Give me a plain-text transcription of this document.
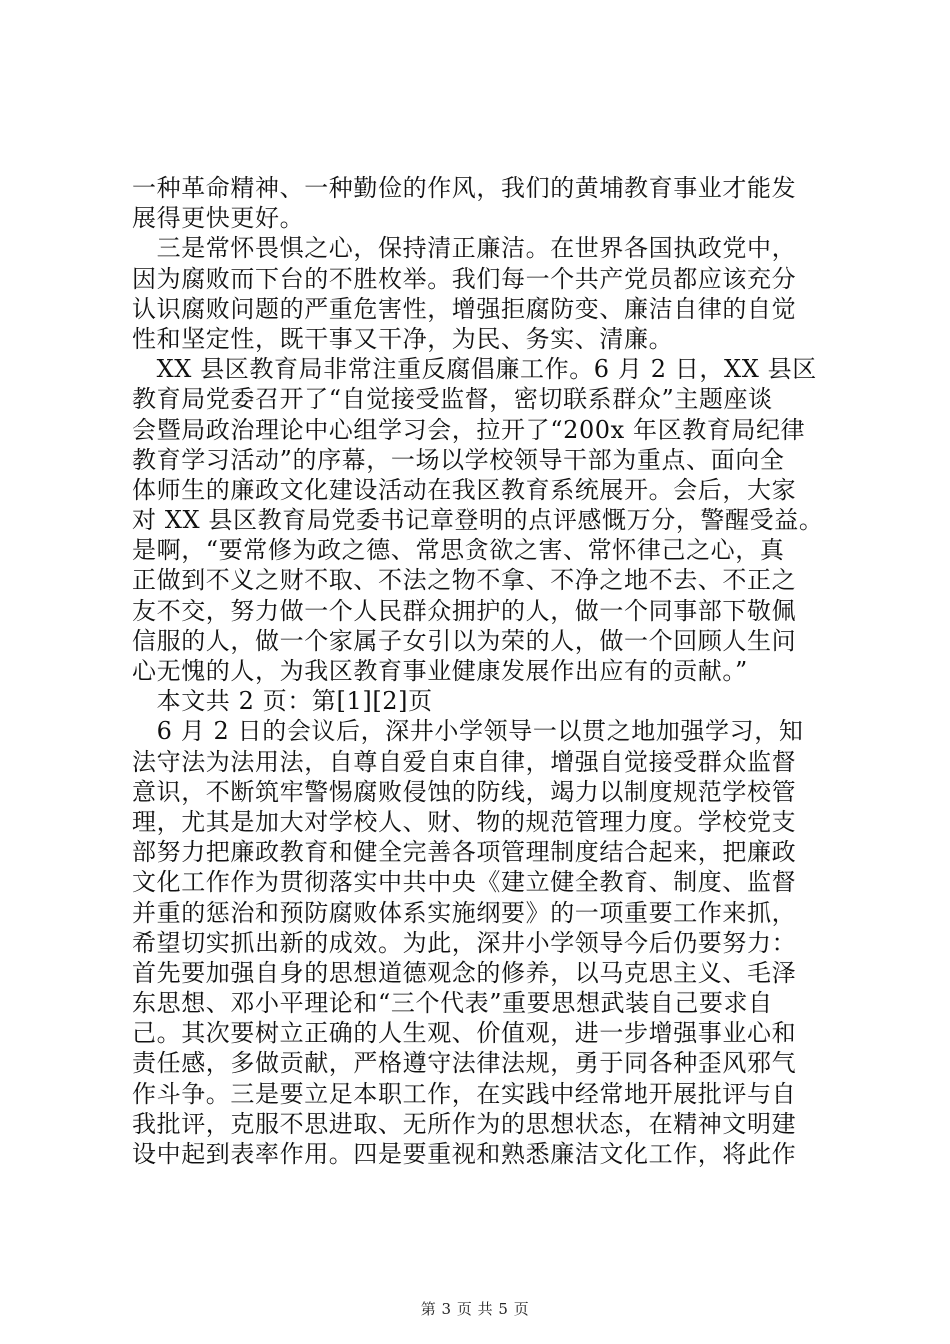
一种革命精神、一种勤俭的作风，我们的黄埔教育事业才能发
展得更快更好。
　三是常怀畏惧之心，保持清正廉洁。在世界各国执政党中，
因为腐败而下台的不胜枚举。我们每一个共产党员都应该充分
认识腐败问题的严重危害性，增强拒腐防变、廉洁自律的自觉
性和坚定性，既干事又干净，为民、务实、清廉。
　XX 县区教育局非常注重反腐倡廉工作。6 月 2 日，XX 县区
教育局党委召开了“自觉接受监督，密切联系群众”主题座谈
会暨局政治理论中心组学习会，拉开了“200x 年区教育局纪律
教育学习活动”的序幕，一场以学校领导干部为重点、面向全
体师生的廉政文化建设活动在我区教育系统展开。会后，大家
对 XX 县区教育局党委书记章登明的点评感慨万分，警醒受益。
是啊，“要常修为政之德、常思贪欲之害、常怀律己之心，真
正做到不义之财不取、不法之物不拿、不净之地不去、不正之
友不交，努力做一个人民群众拥护的人，做一个同事部下敬佩
信服的人，做一个家属子女引以为荣的人，做一个回顾人生问
心无愧的人，为我区教育事业健康发展作出应有的贡献。”
　本文共 2 页：第[1][2]页
　6 月 2 日的会议后，深井小学领导一以贯之地加强学习，知
法守法为法用法，自尊自爱自束自律，增强自觉接受群众监督
意识，不断筑牢警惕腐败侵蚀的防线，竭力以制度规范学校管
理，尤其是加大对学校人、财、物的规范管理力度。学校党支
部努力把廉政教育和健全完善各项管理制度结合起来，把廉政
文化工作作为贯彻落实中共中央《建立健全教育、制度、监督
并重的惩治和预防腐败体系实施纲要》的一项重要工作来抓，
希望切实抓出新的成效。为此，深井小学领导今后仍要努力：
首先要加强自身的思想道德观念的修养，以马克思主义、毛泽
东思想、邓小平理论和“三个代表”重要思想武装自己要求自
己。其次要树立正确的人生观、价值观，进一步增强事业心和
责任感，多做贡献，严格遵守法律法规，勇于同各种歪风邪气
作斗争。三是要立足本职工作，在实践中经常地开展批评与自
我批评，克服不思进取、无所作为的思想状态，在精神文明建
设中起到表率作用。四是要重视和熟悉廉洁文化工作，将此作
第 3 页 共 5 页
